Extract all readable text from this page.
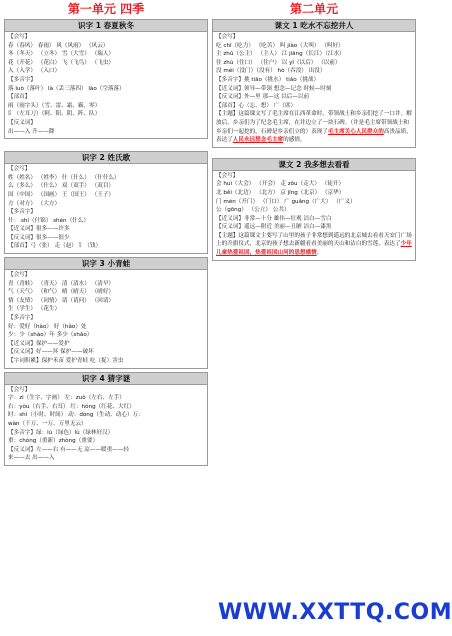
第一单元 四季
识字 1 春夏秋冬
【会写】
春（春风） 春雨） 风（风雨） （风云）
冬（冬天） （立冬） 雪（大雪） （瑞人）
花（开花） （花白） 飞（飞鸟） （飞虫）
入（入学） （入口）
【多音字】
落 luò（落叶） là（丢三落四） lào（空落落）
【部首】
雨（雨字头）（雪、雷、霜、霸、零）
阝（左耳刀）（阿、阳、阴、阵、队）
【反义词】
出——入 升——降
识字 2 姓氏歌
【会写】
姓（姓名） （姓李） 什（什么） （什什么）
么（多么） （什么） 双（双手） （双目）
国（中国） （国画） 王（国王） （王子）
方（对方） （大方）
【多音字】
什： shí（什锦） shén（什么）
【近义词】很多——许多
【反义词】很多——很少
【部首】弓（张） 走（赵） 钅（钱）
识字 3 小青蛙
【会写】
青（青蛙） （青天） 清（清水） （清早）
气（天气） （和气） 晴（晴天） （晴好）
情（友情） （同情） 请（请问） （回请）
生（学生） （花生）
【多音字】
好：爱好（hào） 好（hǎo）处
少：少（shào）年 多少（shǎo）
【近义词】保护——爱护
【反义词】好——坏 保护——破坏
【字词积累】保护禾苗 爱护青蛙 吃（捉）害虫
识字 4 猜字谜
【会写】
字：zì（生字、字画） 左：zuǒ（左右、左手）
右：yòu（右手、右耳） 红：hóng（红花、大红）
时：shí（小时、时间） 动：dòng（生动、动心）万：
wàn（千万、一万、万里无云）
【多音字】绿：lù（绿色）lù（绿林好汉）
重：chóng（重新）zhòng（重要）
【反义词】左——右 有——无 凉——暖重——轻
来——去 出——入
第二单元
课文 1 吃水不忘挖井人
【会写】
吃 chī（吃力） （吃苦） 叫 jiào（大叫） （叫好）
主 zhǔ（公主） （主人） 江 jiāng（长江）（江水）
住 zhù（住口） （住户） 以 yǐ（以后） （以前）
没 méi（没门）（没有） hò（吞没） 出没）
【多音字】挑 tiāo（挑水） tiǎo（挑战）
【近义词】领导—带领 想念—记念 时候—时刻
【反义词】外—里 那—这 以后—以前
【部首】心（忘、想） 广（席）
【主题】这篇课文写了毛主席在江西革命时，带领战士和乡亲们挖了一口井。解放后，乡亲们为了纪念毛主席，在井边立了一块石碑。（井是毛主席带领战士和乡亲们一起挖的，石碑是乡亲们立的）表现了毛主席关心人民群众的高贵品质，表达了人民永远想念毛主席的感情。
课文 2 我多想去看看
【会写】
会 huì（大会） （开会） 走 zǒu（走大） （徒开）
北 běi（北边） （北方） 京 jīng（北京） （京华）
门 mén（开门） （门口） 广 guǎng（广大） （广义）
公（gōng） （公立） 公共）
【近义词】非常—十分 雄伟—壮观 洁白—雪白
【反义词】遥远—附近 美丽—丑陋 洁白—漆黑
【主题】这篇课文主要写了山里的孩子非常想到遥远的北京城去看看天安门广场上的升旗仪式，北京的孩子想去新疆看看美丽的天山和洁白的雪莲，表达了少年儿童热爱祖国，热爱祖国山河的思想感情。
WWW.XXTTQ.COM
